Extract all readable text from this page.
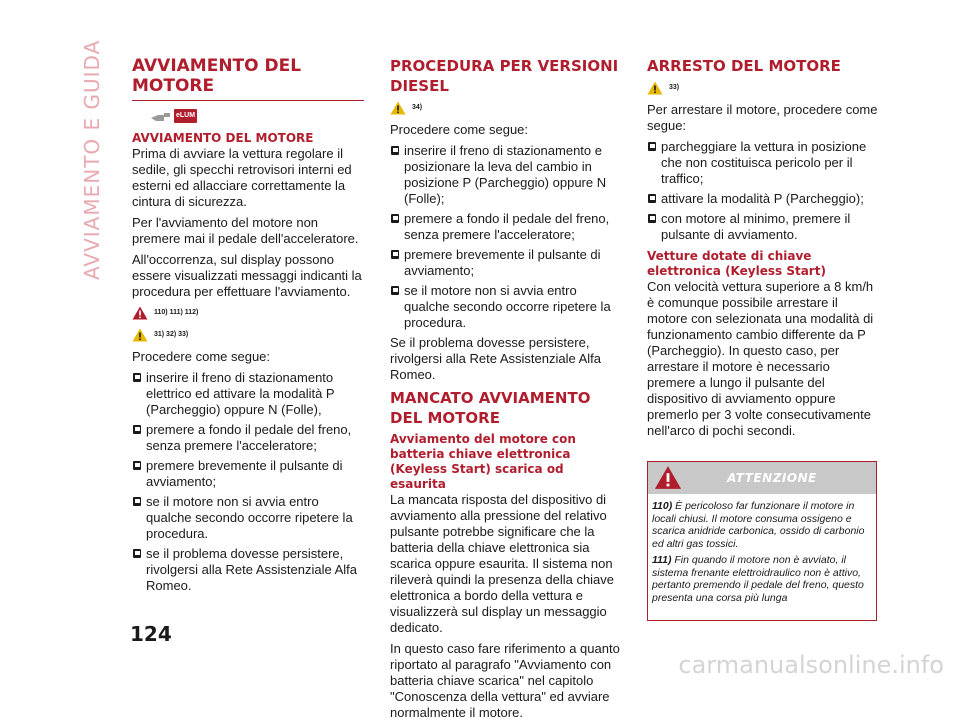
AVVIAMENTO E GUIDA	AVVIAMENTO DEL MOTORE
eLUM
AVVIAMENTO DEL MOTORE

Prima di avviare la vettura regolare il sedile, gli specchi retrovisori interni ed esterni ed allacciare correttamente la cintura di sicurezza.

Per l'avviamento del motore non premere mai il pedale dell'acceleratore.

All'occorrenza, sul display possono essere visualizzati messaggi indicanti la procedura per effettuare l'avviamento.

110) 111) 112)
31) 32) 33)

Procedere come segue:

inserire il freno di stazionamento elettrico ed attivare la modalità P (Parcheggio) oppure N (Folle),
premere a fondo il pedale del freno, senza premere l'acceleratore;
premere brevemente il pulsante di avviamento;
se il motore non si avvia entro qualche secondo occorre ripetere la procedura.
se il problema dovesse persistere, rivolgersi alla Rete Assistenziale Alfa Romeo.
PROCEDURA PER VERSIONI DIESEL
34)

Procedere come segue:

inserire il freno di stazionamento e posizionare la leva del cambio in posizione P (Parcheggio) oppure N (Folle);
premere a fondo il pedale del freno, senza premere l'acceleratore;
premere brevemente il pulsante di avviamento;
se il motore non si avvia entro qualche secondo occorre ripetere la procedura.

Se il problema dovesse persistere, rivolgersi alla Rete Assistenziale Alfa Romeo.

MANCATO AVVIAMENTO DEL MOTORE
Avviamento del motore con batteria chiave elettronica (Keyless Start) scarica od esaurita

La mancata risposta del dispositivo di avviamento alla pressione del relativo pulsante potrebbe significare che la batteria della chiave elettronica sia scarica oppure esaurita. Il sistema non rileverà quindi la presenza della chiave elettronica a bordo della vettura e visualizzerà sul display un messaggio dedicato.

In questo caso fare riferimento a quanto riportato al paragrafo "Avviamento con batteria chiave scarica" nel capitolo "Conoscenza della vettura" ed avviare normalmente il motore.

ARRESTO DEL MOTORE
33)

Per arrestare il motore, procedere come segue:

parcheggiare la vettura in posizione che non costituisca pericolo per il traffico;
attivare la modalità P (Parcheggio);
con motore al minimo, premere il pulsante di avviamento.
Vetture dotate di chiave elettronica (Keyless Start)

Con velocità vettura superiore a 8 km/h è comunque possibile arrestare il motore con selezionata una modalità di funzionamento cambio differente da P (Parcheggio). In questo caso, per arrestare il motore è necessario premere a lungo il pulsante del dispositivo di avviamento oppure premerlo per 3 volte consecutivamente nell'arco di pochi secondi.

ATTENZIONE

110) È pericoloso far funzionare il motore in locali chiusi. Il motore consuma ossigeno e scarica anidride carbonica, ossido di carbonio ed altri gas tossici.

111) Fin quando il motore non è avviato, il sistema frenante elettroidraulico non è attivo, pertanto premendo il pedale del freno, questo presenta una corsa più lunga

124
carmanualsonline.info
